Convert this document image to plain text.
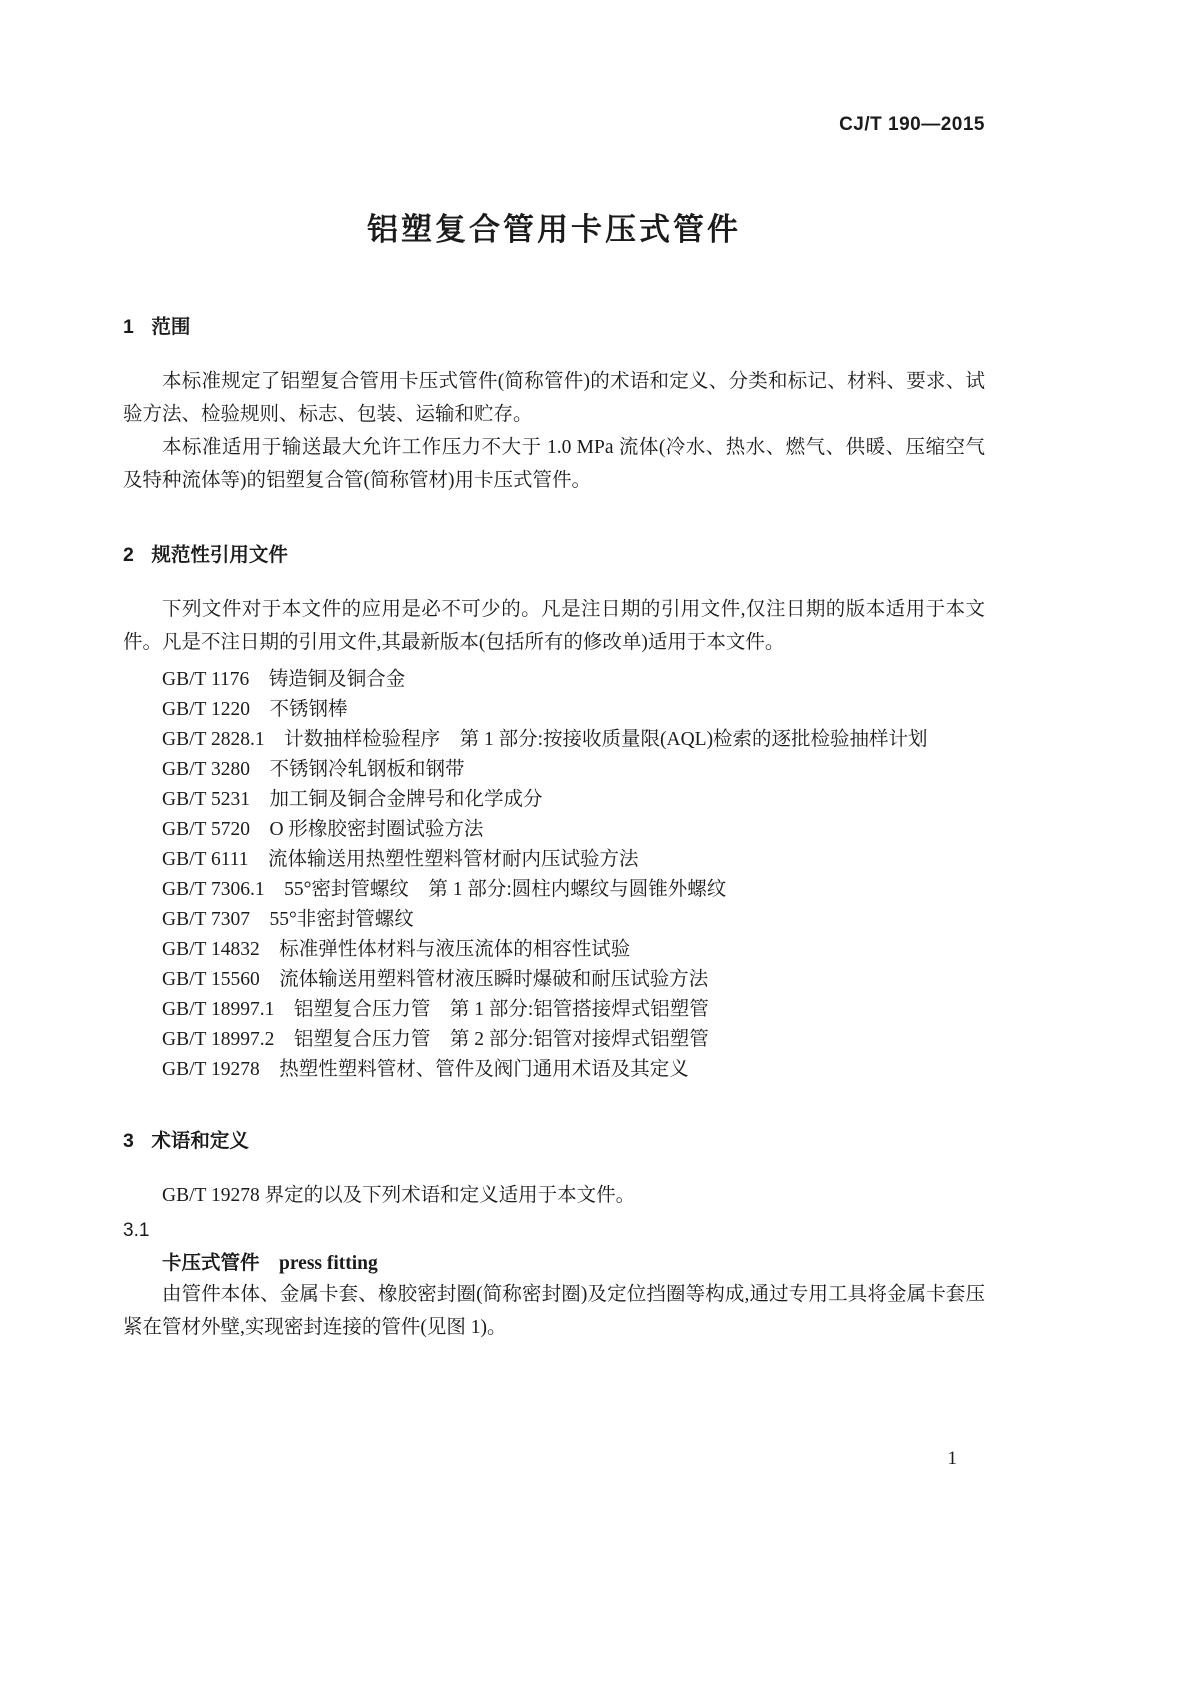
CJ/T 190—2015
铝塑复合管用卡压式管件
1 范围

本标准规定了铝塑复合管用卡压式管件(简称管件)的术语和定义、分类和标记、材料、要求、试验方法、检验规则、标志、包装、运输和贮存。

本标准适用于输送最大允许工作压力不大于 1.0 MPa 流体(冷水、热水、燃气、供暖、压缩空气及特种流体等)的铝塑复合管(简称管材)用卡压式管件。

2 规范性引用文件

下列文件对于本文件的应用是必不可少的。凡是注日期的引用文件,仅注日期的版本适用于本文件。凡是不注日期的引用文件,其最新版本(包括所有的修改单)适用于本文件。

GB/T 1176 铸造铜及铜合金
GB/T 1220 不锈钢棒
GB/T 2828.1 计数抽样检验程序　第 1 部分:按接收质量限(AQL)检索的逐批检验抽样计划
GB/T 3280 不锈钢冷轧钢板和钢带
GB/T 5231 加工铜及铜合金牌号和化学成分
GB/T 5720 O 形橡胶密封圈试验方法
GB/T 6111 流体输送用热塑性塑料管材耐内压试验方法
GB/T 7306.1 55°密封管螺纹　第 1 部分:圆柱内螺纹与圆锥外螺纹
GB/T 7307 55°非密封管螺纹
GB/T 14832 标准弹性体材料与液压流体的相容性试验
GB/T 15560 流体输送用塑料管材液压瞬时爆破和耐压试验方法
GB/T 18997.1 铝塑复合压力管　第 1 部分:铝管搭接焊式铝塑管
GB/T 18997.2 铝塑复合压力管　第 2 部分:铝管对接焊式铝塑管
GB/T 19278 热塑性塑料管材、管件及阀门通用术语及其定义
3 术语和定义

GB/T 19278 界定的以及下列术语和定义适用于本文件。

3.1
卡压式管件 press fitting

由管件本体、金属卡套、橡胶密封圈(简称密封圈)及定位挡圈等构成,通过专用工具将金属卡套压紧在管材外壁,实现密封连接的管件(见图 1)。

1
